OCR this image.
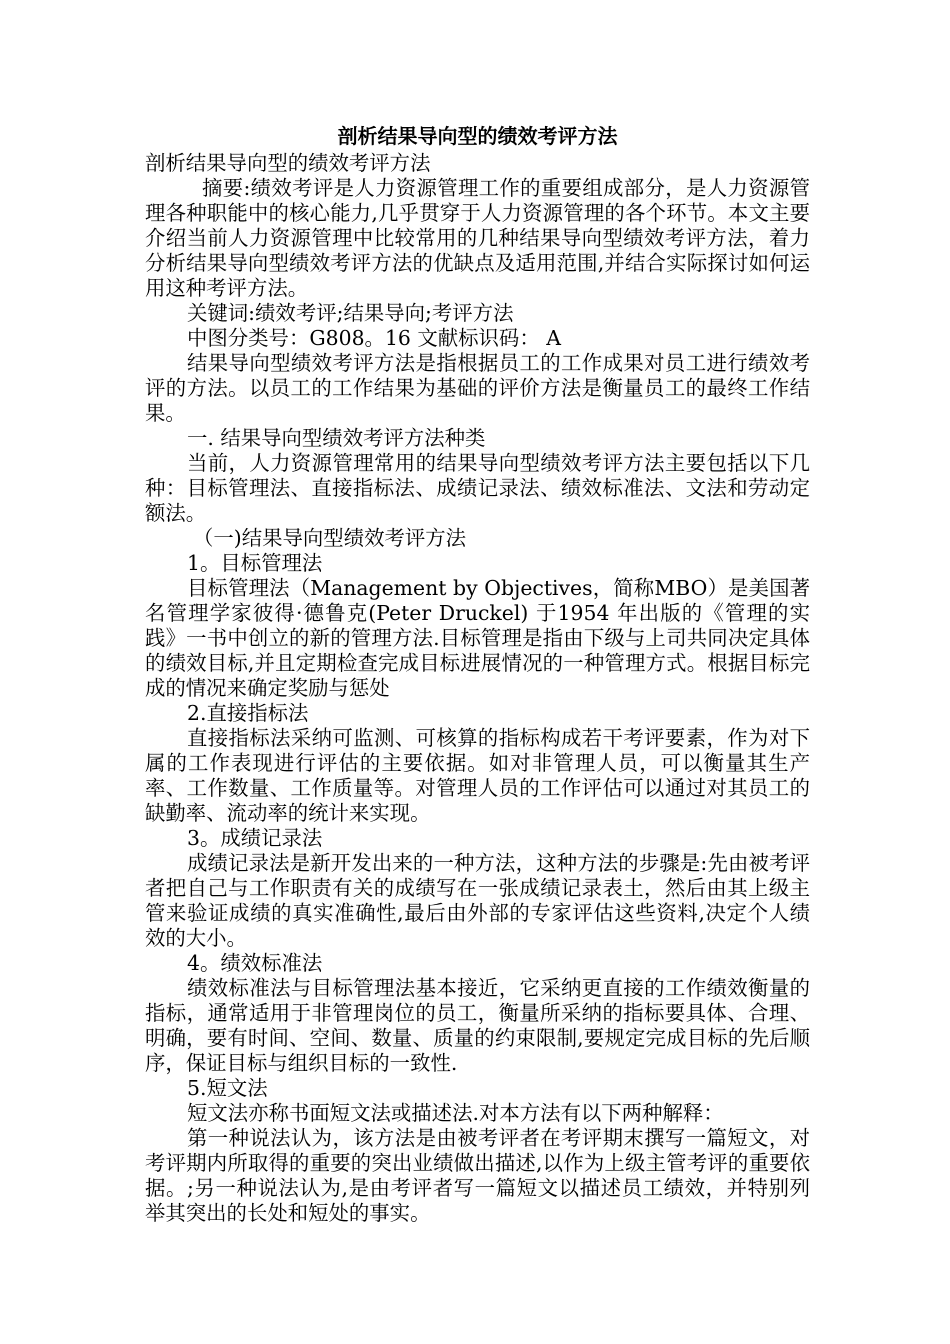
剖析结果导向型的绩效考评方法

剖析结果导向型的绩效考评方法

摘要:绩效考评是人力资源管理工作的重要组成部分，是人力资源管理各种职能中的核心能力,几乎贯穿于人力资源管理的各个环节。本文主要介绍当前人力资源管理中比较常用的几种结果导向型绩效考评方法，着力分析结果导向型绩效考评方法的优缺点及适用范围,并结合实际探讨如何运用这种考评方法。

关键词:绩效考评;结果导向;考评方法

中图分类号：G808。16 文献标识码： A

结果导向型绩效考评方法是指根据员工的工作成果对员工进行绩效考评的方法。以员工的工作结果为基础的评价方法是衡量员工的最终工作结果。

一. 结果导向型绩效考评方法种类

当前，人力资源管理常用的结果导向型绩效考评方法主要包括以下几种：目标管理法、直接指标法、成绩记录法、绩效标准法、文法和劳动定额法。

（一)结果导向型绩效考评方法

1。目标管理法

目标管理法（Management by Objectives，简称MBO）是美国著名管理学家彼得·德鲁克(Peter Druckel) 于1954 年出版的《管理的实践》一书中创立的新的管理方法.目标管理是指由下级与上司共同决定具体的绩效目标,并且定期检查完成目标进展情况的一种管理方式。根据目标完成的情况来确定奖励与惩处

2.直接指标法

直接指标法采纳可监测、可核算的指标构成若干考评要素，作为对下属的工作表现进行评估的主要依据。如对非管理人员，可以衡量其生产率、工作数量、工作质量等。对管理人员的工作评估可以通过对其员工的缺勤率、流动率的统计来实现。

3。成绩记录法

成绩记录法是新开发出来的一种方法，这种方法的步骤是:先由被考评者把自己与工作职责有关的成绩写在一张成绩记录表土，然后由其上级主管来验证成绩的真实准确性,最后由外部的专家评估这些资料,决定个人绩效的大小。

4。绩效标准法

绩效标准法与目标管理法基本接近，它采纳更直接的工作绩效衡量的指标，通常适用于非管理岗位的员工，衡量所采纳的指标要具体、合理、明确，要有时间、空间、数量、质量的约束限制,要规定完成目标的先后顺序，保证目标与组织目标的一致性.

5.短文法

短文法亦称书面短文法或描述法.对本方法有以下两种解释：

第一种说法认为，该方法是由被考评者在考评期末撰写一篇短文，对考评期内所取得的重要的突出业绩做出描述,以作为上级主管考评的重要依据。;另一种说法认为,是由考评者写一篇短文以描述员工绩效，并特别列举其突出的长处和短处的事实。
